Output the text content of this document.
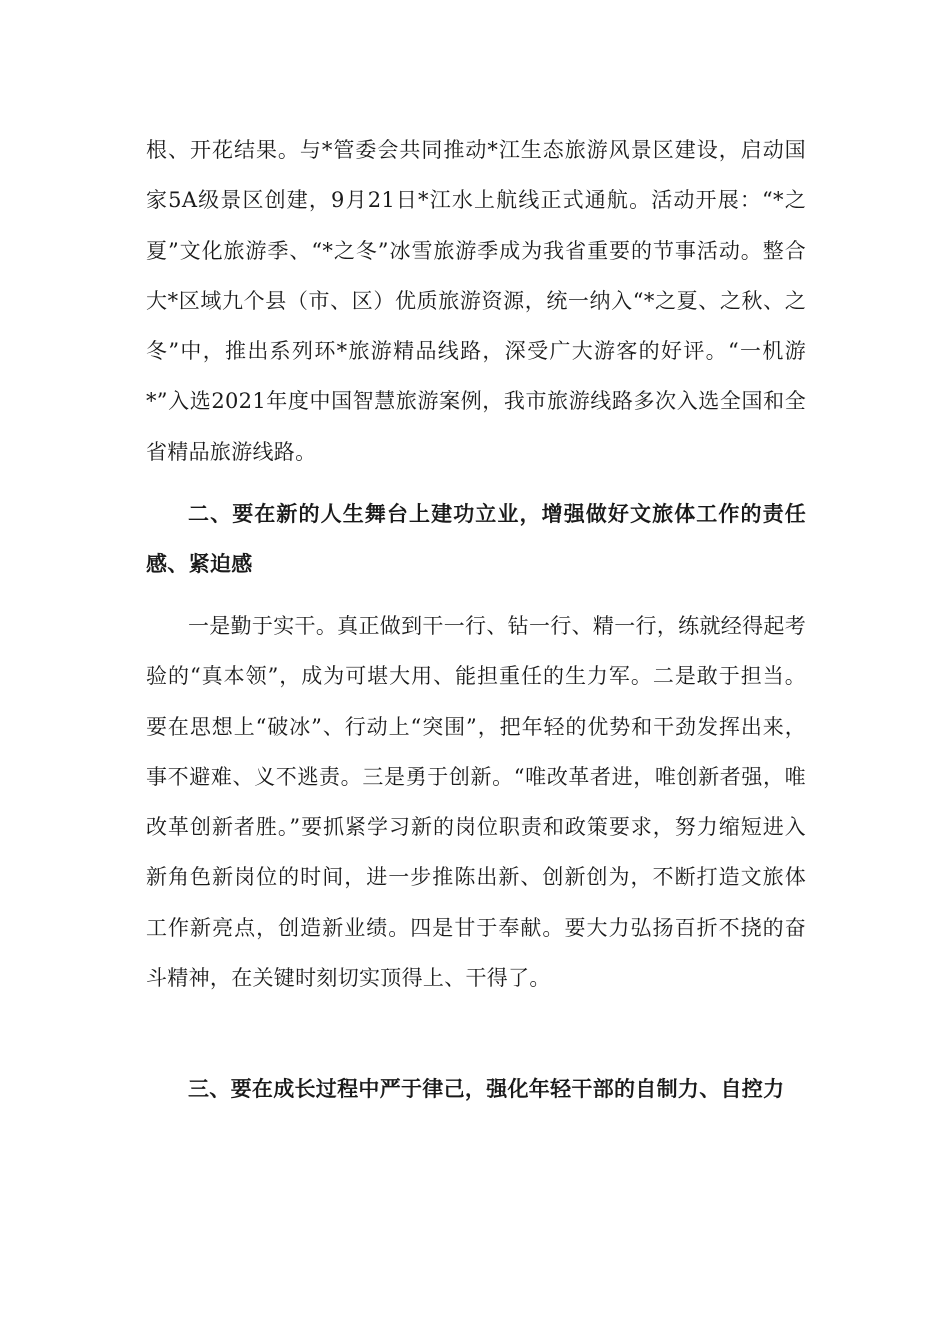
根、开花结果。与*管委会共同推动*江生态旅游风景区建设，启动国家5A级景区创建，9月21日*江水上航线正式通航。活动开展：“*之夏”文化旅游季、“*之冬”冰雪旅游季成为我省重要的节事活动。整合大*区域九个县（市、区）优质旅游资源，统一纳入“*之夏、之秋、之冬”中，推出系列环*旅游精品线路，深受广大游客的好评。“一机游*”入选2021年度中国智慧旅游案例，我市旅游线路多次入选全国和全省精品旅游线路。

二、要在新的人生舞台上建功立业，增强做好文旅体工作的责任感、紧迫感

一是勤于实干。真正做到干一行、钻一行、精一行，练就经得起考验的“真本领”，成为可堪大用、能担重任的生力军。二是敢于担当。要在思想上“破冰”、行动上“突围”，把年轻的优势和干劲发挥出来，事不避难、义不逃责。三是勇于创新。“唯改革者进，唯创新者强，唯改革创新者胜。”要抓紧学习新的岗位职责和政策要求，努力缩短进入新角色新岗位的时间，进一步推陈出新、创新创为，不断打造文旅体工作新亮点，创造新业绩。四是甘于奉献。要大力弘扬百折不挠的奋斗精神，在关键时刻切实顶得上、干得了。

三、要在成长过程中严于律己，强化年轻干部的自制力、自控力
